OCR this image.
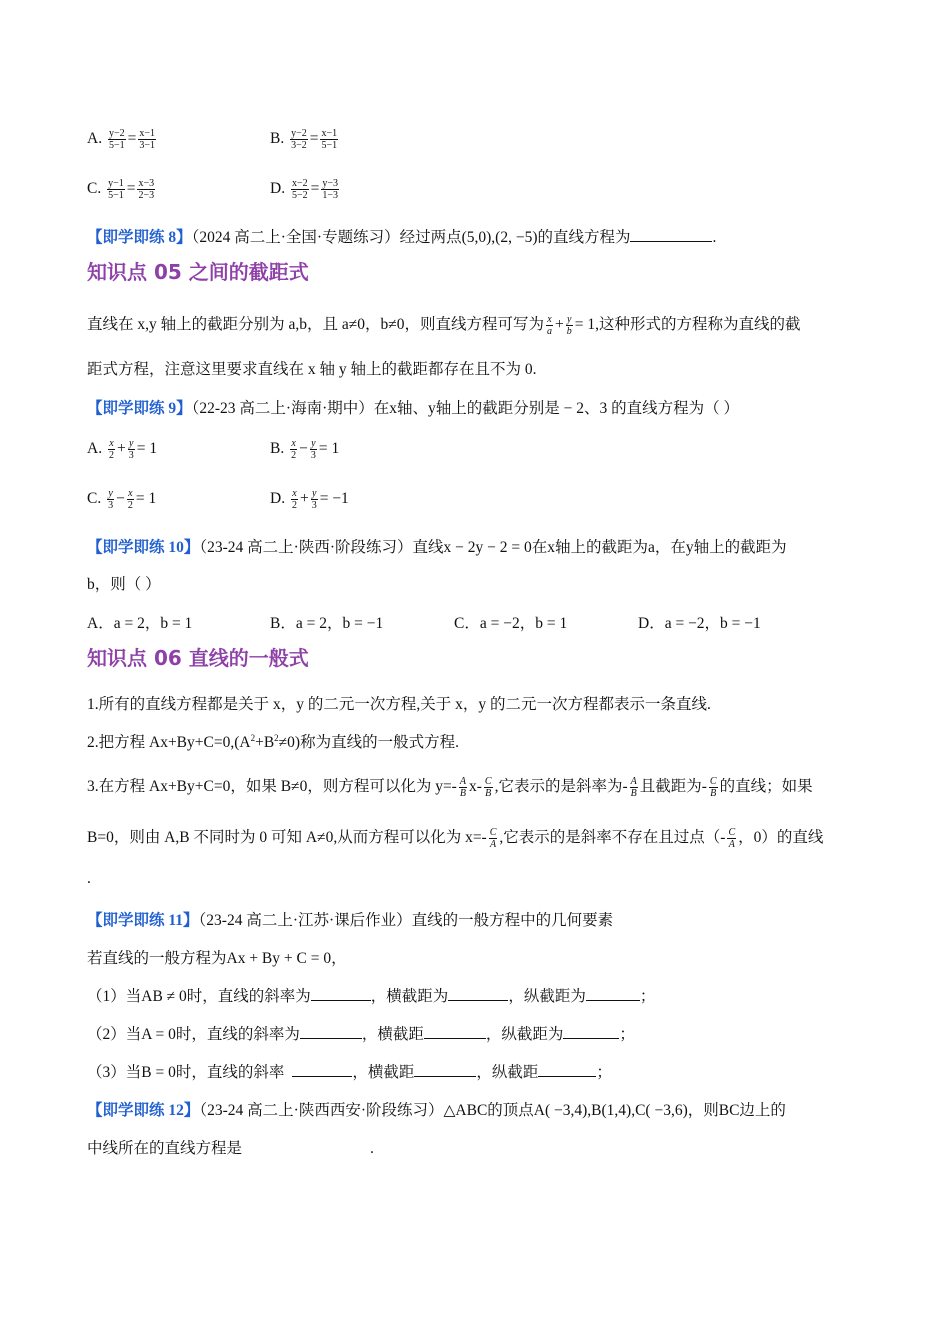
A. $\frac{y-2}{5-1} = \frac{x-1}{3-1}$	B. $\frac{y-2}{3-2} = \frac{x-1}{5-1}$
C. $\frac{y-1}{5-1} = \frac{x-3}{2-3}$	D. $\frac{x-2}{5-2} = \frac{y-3}{1-3}$
【即学即练 8】（2024 高二上·全国·专题练习）经过两点(5,0),(2, −5)的直线方程为	.
知识点 05 之间的截距式
直线在 x,y 轴上的截距分别为 a,b，且 a≠0，b≠0，则直线方程可写为 $\frac{x}{a} + \frac{y}{b} = 1$,这种形式的方程称为直线的截
距式方程，注意这里要求直线在 x 轴 y 轴上的截距都存在且不为 0.
【即学即练 9】（22-23 高二上·海南·期中）在x轴、y轴上的截距分别是 − 2、3 的直线方程为（ ）
A. $\frac{x}{2} + \frac{y}{3} = 1$	B. $\frac{x}{2} - \frac{y}{3} = 1$
C. $\frac{y}{3} - \frac{x}{2} = 1$	D. $\frac{x}{2} + \frac{y}{3} = -1$
【即学即练 10】（23-24 高二上·陕西·阶段练习）直线x − 2y − 2 = 0在x轴上的截距为a，在y轴上的截距为
b，则（ ）
A．a = 2，b = 1	B．a = 2，b = −1	C．a = −2，b = 1	D．a = −2，b = −1
知识点 06 直线的一般式
1.所有的直线方程都是关于 x，y 的二元一次方程,关于 x，y 的二元一次方程都表示一条直线.
2.把方程 $Ax+By+C=0,(A^2+B^2\ne 0)$称为直线的一般式方程.
3.在方程 Ax+By+C=0，如果 B≠0，则方程可以化为 $y=- \frac{A}{B} x- \frac{C}{B}$ ,它表示的是斜率为- $\frac{A}{B}$ 且截距为- $\frac{C}{B}$ 的直线；如果
B=0，则由 A,B 不同时为 0 可知 A≠0,从而方程可以化为 $x=- \frac{C}{A}$ ,它表示的是斜率不存在且过点（- $\frac{C}{A}$ ，0）的直线
.
【即学即练 11】（23-24 高二上·江苏·课后作业）直线的一般方程中的几何要素
若直线的一般方程为Ax + By + C = 0，
（1）当AB ≠ 0时，直线的斜率为	，横截距为	，纵截距为	；
（2）当A = 0时，直线的斜率为	，横截距	，纵截距为	；
（3）当B = 0时，直线的斜率	，横截距	，纵截距	；
【即学即练 12】（23-24 高二上·陕西西安·阶段练习）△ABC的顶点A( −3,4),B(1,4),C( −3,6)，则BC边上的
中线所在的直线方程是	.
